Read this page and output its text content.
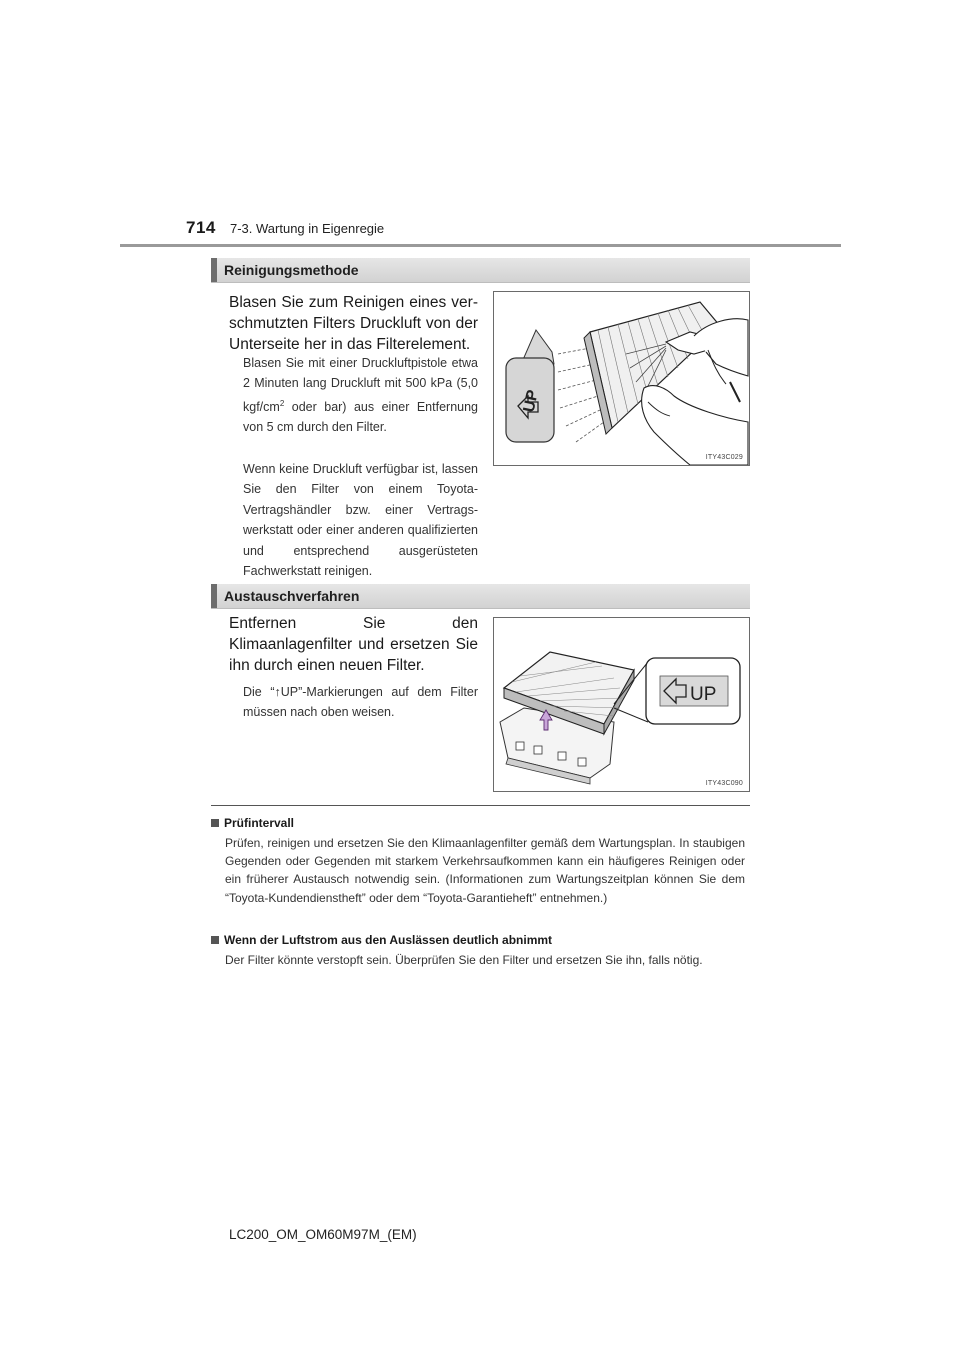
714 7-3. Wartung in Eigenregie
Reinigungsmethode
Blasen Sie zum Reinigen eines verschmutzten Filters Druckluft von der Unterseite her in das Filterelement.
Blasen Sie mit einer Druckluftpistole etwa 2 Minuten lang Druckluft mit 500 kPa (5,0 kgf/$cm^2$ oder bar) aus einer Entfernung von 5 cm durch den Filter.
Wenn keine Druckluft verfügbar ist, lassen Sie den Filter von einem Toyota-Vertragshändler bzw. einer Vertragswerkstatt oder einer anderen qualifizierten und entsprechend ausgerüsteten Fachwerkstatt reinigen.
UP
ITY43C029
Austauschverfahren
Entfernen Sie den Klimaanlagenfilter und ersetzen Sie ihn durch einen neuen Filter.
Die “↑UP”-Markierungen auf dem Filter müssen nach oben weisen.
UP
ITY43C090
Prüfintervall
Prüfen, reinigen und ersetzen Sie den Klimaanlagenfilter gemäß dem Wartungsplan. In staubigen Gegenden oder Gegenden mit starkem Verkehrsaufkommen kann ein häufigeres Reinigen oder ein früherer Austausch notwendig sein. (Informationen zum Wartungszeitplan können Sie dem “Toyota-Kundendienstheft” oder dem “Toyota-Garantieheft” entnehmen.)
Wenn der Luftstrom aus den Auslässen deutlich abnimmt
Der Filter könnte verstopft sein. Überprüfen Sie den Filter und ersetzen Sie ihn, falls nötig.
LC200_OM_OM60M97M_(EM)
